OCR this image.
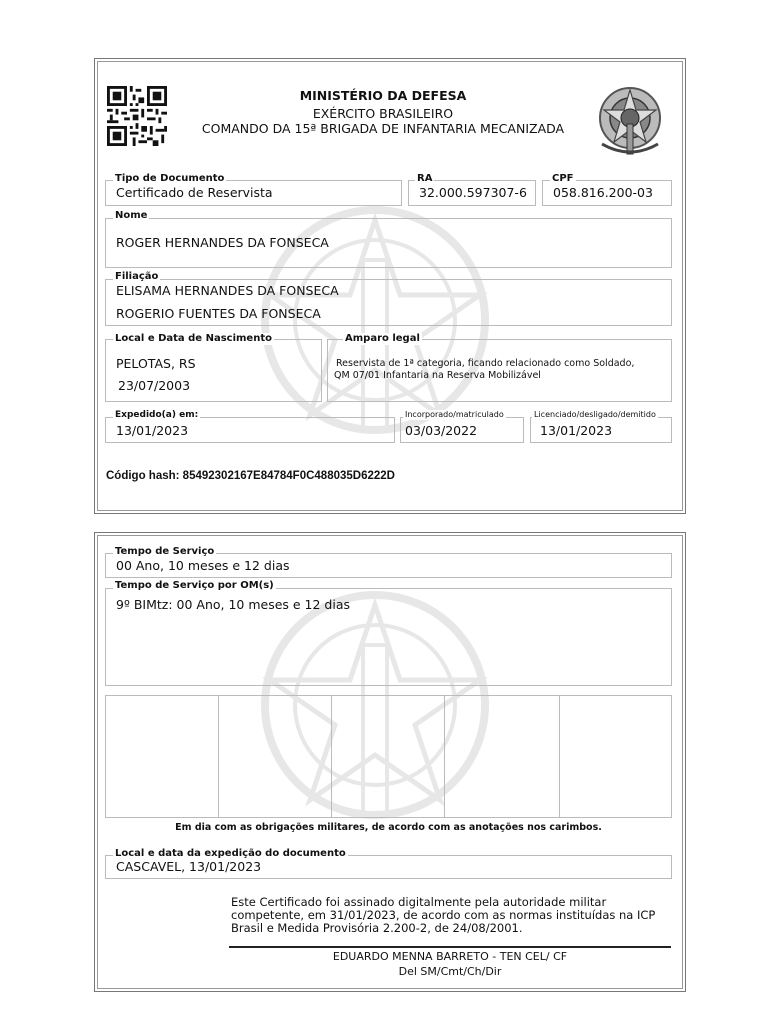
MINISTÉRIO DA DEFESA
EXÉRCITO BRASILEIRO
COMANDO DA 15ª BRIGADA DE INFANTARIA MECANIZADA
Tipo de Documento
Certificado de Reservista
RA
32.000.597307-6
CPF
058.816.200-03
Nome
ROGER HERNANDES DA FONSECA
Filiação
ELISAMA HERNANDES DA FONSECA
ROGERIO FUENTES DA FONSECA
Local e Data de Nascimento
PELOTAS, RS
23/07/2003
Amparo legal
Reservista de 1ª categoria, ficando relacionado como Soldado,
QM 07/01 Infantaria na Reserva Mobilizável
Expedido(a) em:
13/01/2023
Incorporado/matriculado
03/03/2022
Licenciado/desligado/demitido
13/01/2023
Código hash: 85492302167E84784F0C488035D6222D
Tempo de Serviço
00 Ano, 10 meses e 12 dias
Tempo de Serviço por OM(s)
9º BIMtz: 00 Ano, 10 meses e 12 dias
Em dia com as obrigações militares, de acordo com as anotações nos carimbos.
Local e data da expedição do documento
CASCAVEL, 13/01/2023
Este Certificado foi assinado digitalmente pela autoridade militar
competente, em 31/01/2023, de acordo com as normas instituídas na ICP
Brasil e Medida Provisória 2.200-2, de 24/08/2001.
EDUARDO MENNA BARRETO - TEN CEL/ CF
Del SM/Cmt/Ch/Dir
